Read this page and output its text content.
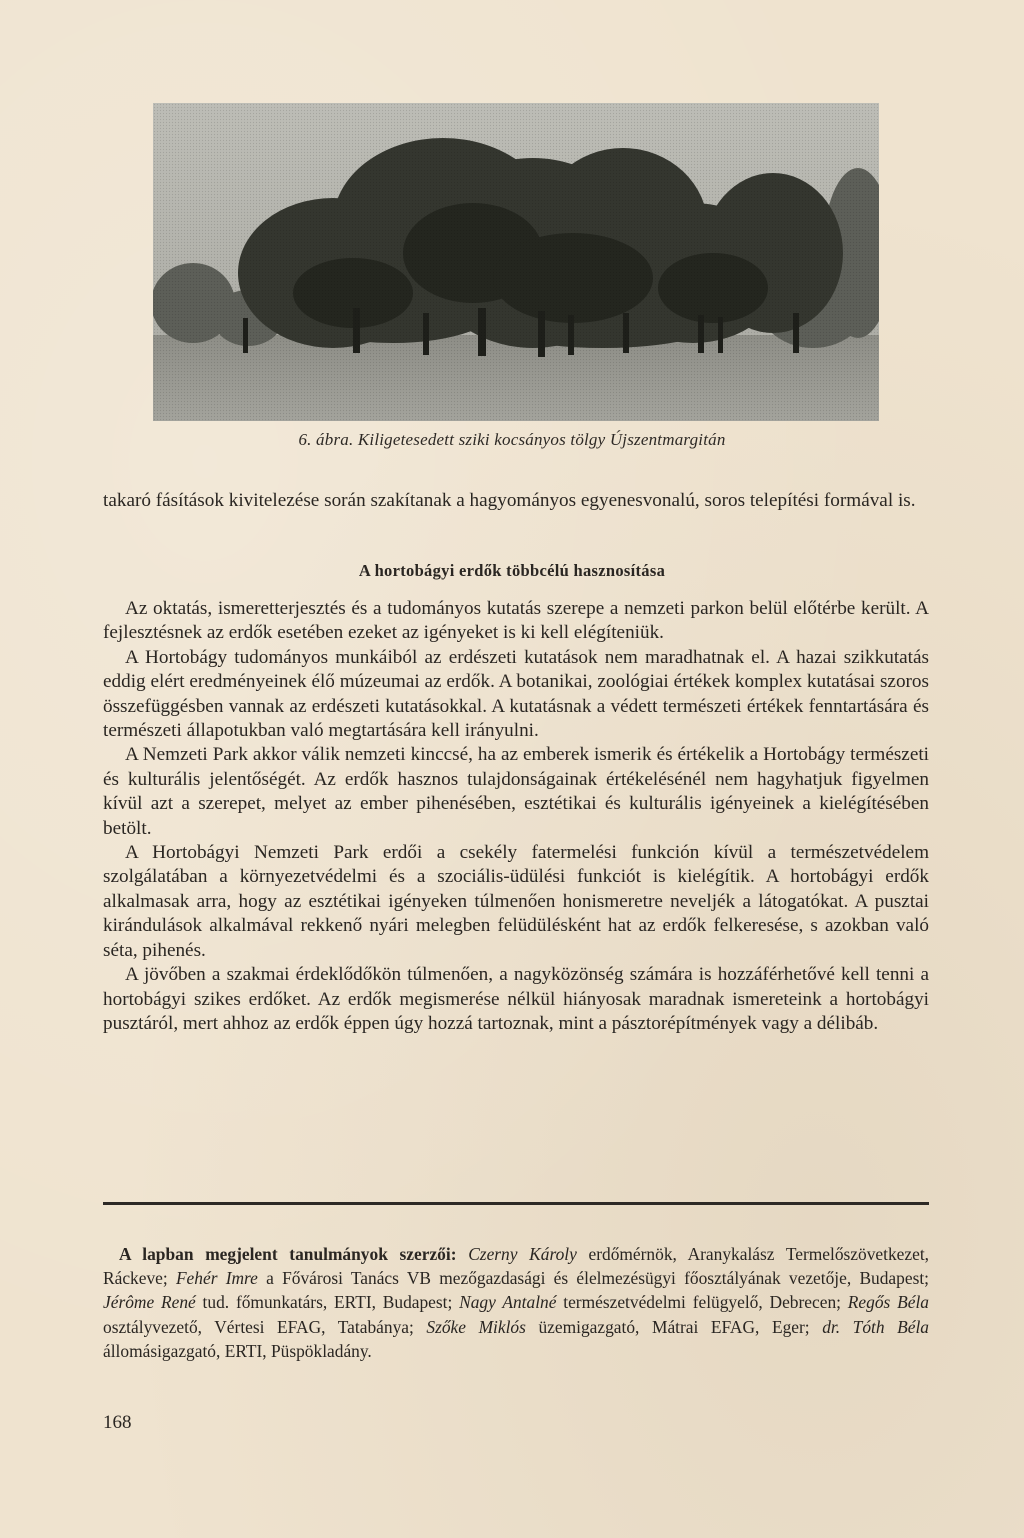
6. ábra. Kiligetesedett sziki kocsányos tölgy Újszentmargitán

takaró fásítások kivitelezése során szakítanak a hagyományos egyenesvonalú, soros telepítési formával is.

A hortobágyi erdők többcélú hasznosítása

Az oktatás, ismeretterjesztés és a tudományos kutatás szerepe a nemzeti parkon belül előtérbe került. A fejlesztésnek az erdők esetében ezeket az igényeket is ki kell elégíteniük.

A Hortobágy tudományos munkáiból az erdészeti kutatások nem maradhatnak el. A hazai szikkutatás eddig elért eredményeinek élő múzeumai az erdők. A botanikai, zoológiai értékek komplex kutatásai szoros összefüggésben vannak az erdészeti kutatásokkal. A kutatásnak a védett természeti értékek fenntartására és természeti állapotukban való megtartására kell irányulni.

A Nemzeti Park akkor válik nemzeti kinccsé, ha az emberek ismerik és értékelik a Hortobágy természeti és kulturális jelentőségét. Az erdők hasznos tulajdonságainak értékelésénél nem hagyhatjuk figyelmen kívül azt a szerepet, melyet az ember pihenésében, esztétikai és kulturális igényeinek a kielégítésében betölt.

A Hortobágyi Nemzeti Park erdői a csekély fatermelési funkción kívül a természetvédelem szolgálatában a környezetvédelmi és a szociális-üdülési funkciót is kielégítik. A hortobágyi erdők alkalmasak arra, hogy az esztétikai igényeken túlmenően honismeretre neveljék a látogatókat. A pusztai kirándulások alkalmával rekkenő nyári melegben felüdülésként hat az erdők felkeresése, s azokban való séta, pihenés.

A jövőben a szakmai érdeklődőkön túlmenően, a nagyközönség számára is hozzáférhetővé kell tenni a hortobágyi szikes erdőket. Az erdők megismerése nélkül hiányosak maradnak ismereteink a hortobágyi pusztáról, mert ahhoz az erdők éppen úgy hozzá tartoznak, mint a pásztorépítmények vagy a délibáb.

A lapban megjelent tanulmányok szerzői: Czerny Károly erdőmérnök, Aranykalász Termelőszövetkezet, Ráckeve; Fehér Imre a Fővárosi Tanács VB mezőgazdasági és élelmezésügyi főosztályának vezetője, Budapest; Jérôme René tud. főmunkatárs, ERTI, Budapest; Nagy Antalné természetvédelmi felügyelő, Debrecen; Regős Béla osztályvezető, Vértesi EFAG, Tatabánya; Szőke Miklós üzemigazgató, Mátrai EFAG, Eger; dr. Tóth Béla állomásigazgató, ERTI, Püspökladány.

168
